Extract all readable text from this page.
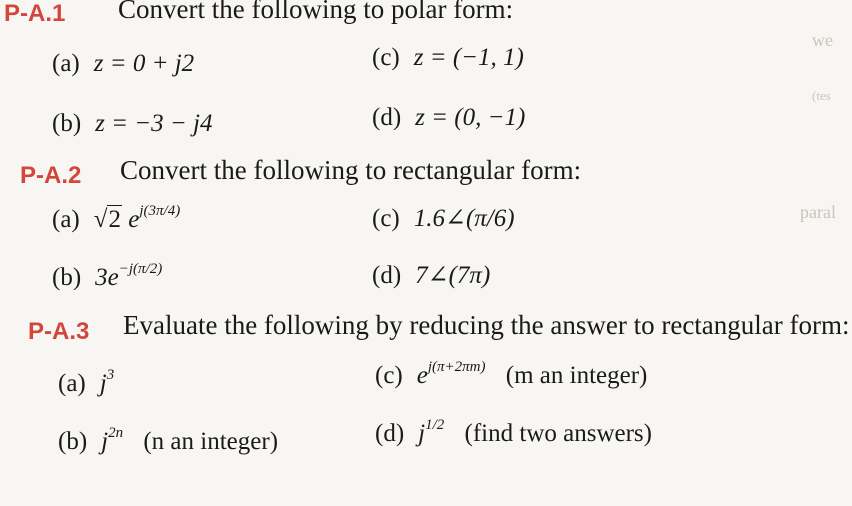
P-A.1 Convert the following to polar form:
(a) z = 0 + j2	(c) z = (−1, 1)
(b) z = −3 − j4	(d) z = (0, −1)
P-A.2 Convert the following to rectangular form:
(a) √2 $e^{j(3\pi/4)}$	(c) 1.6∠(π/6)
(b) $3e^{-j(\pi/2)}$	(d) 7∠(7π)
P-A.3 Evaluate the following by reducing the answer to rectangular form:
(a) $j^3$	(c) $e^{j(\pi+2\pi m)}$ (m an integer)
(b) $j^{2n}$ (n an integer)	(d) $j^{1/2}$ (find two answers)
we
paral
(tes
